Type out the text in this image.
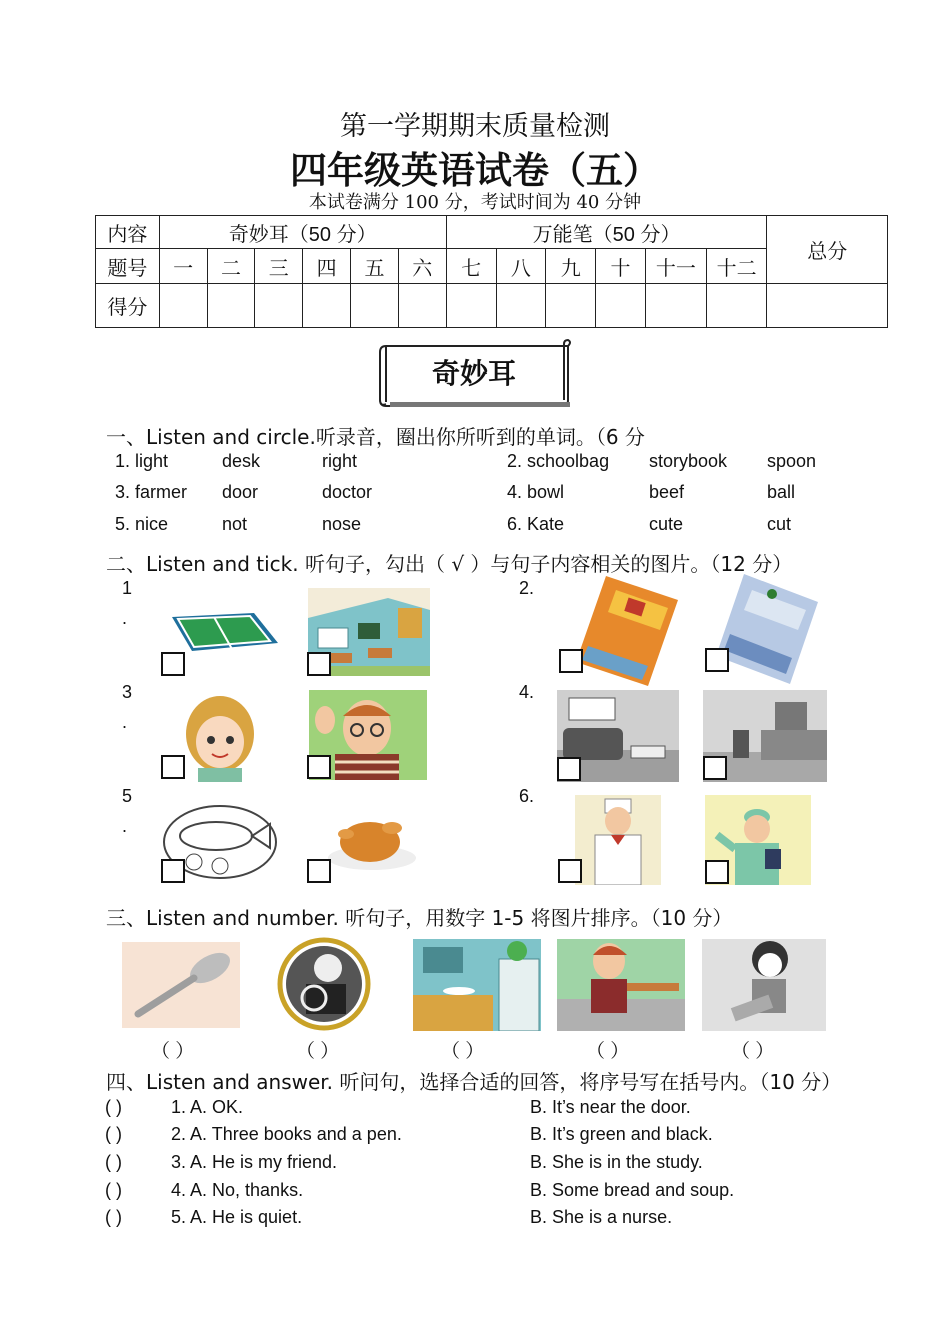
第一学期期末质量检测
四年级英语试卷（五）
本试卷满分 100 分，考试时间为 40 分钟
内容	奇妙耳（50 分）						万能笔（50 分）						总分
题号	一	二	三	四	五	六	七	八	九	十	十一	十二	
得分													
奇妙耳
一、Listen and circle.听录音，圈出你所听到的单词。（6 分
1. light	desk	right	2. schoolbag storybook spoon
3. farmer door	doctor	4. bowl	beef	ball
5. nice	not	nose	6. Kate	cute	cut
二、Listen and tick. 听句子，勾出（ √ ）与句子内容相关的图片。（12 分）
1
.
2.
3
.
4.
5
.
6.
三、Listen and number. 听句子，用数字 1-5 将图片排序。（10 分）
（ ）	（ ）	（ ）	（ ）	（ ）
四、Listen and answer. 听问句，选择合适的回答，将序号写在括号内。（10 分）
( )	1. A. OK.	B. It’s near the door.
( )	2. A. Three books and a pen.	B. It’s green and black.
( )	3. A. He is my friend.	B. She is in the study.
( )	4. A. No, thanks.	B. Some bread and soup.
( )	5. A. He is quiet.	B. She is a nurse.
